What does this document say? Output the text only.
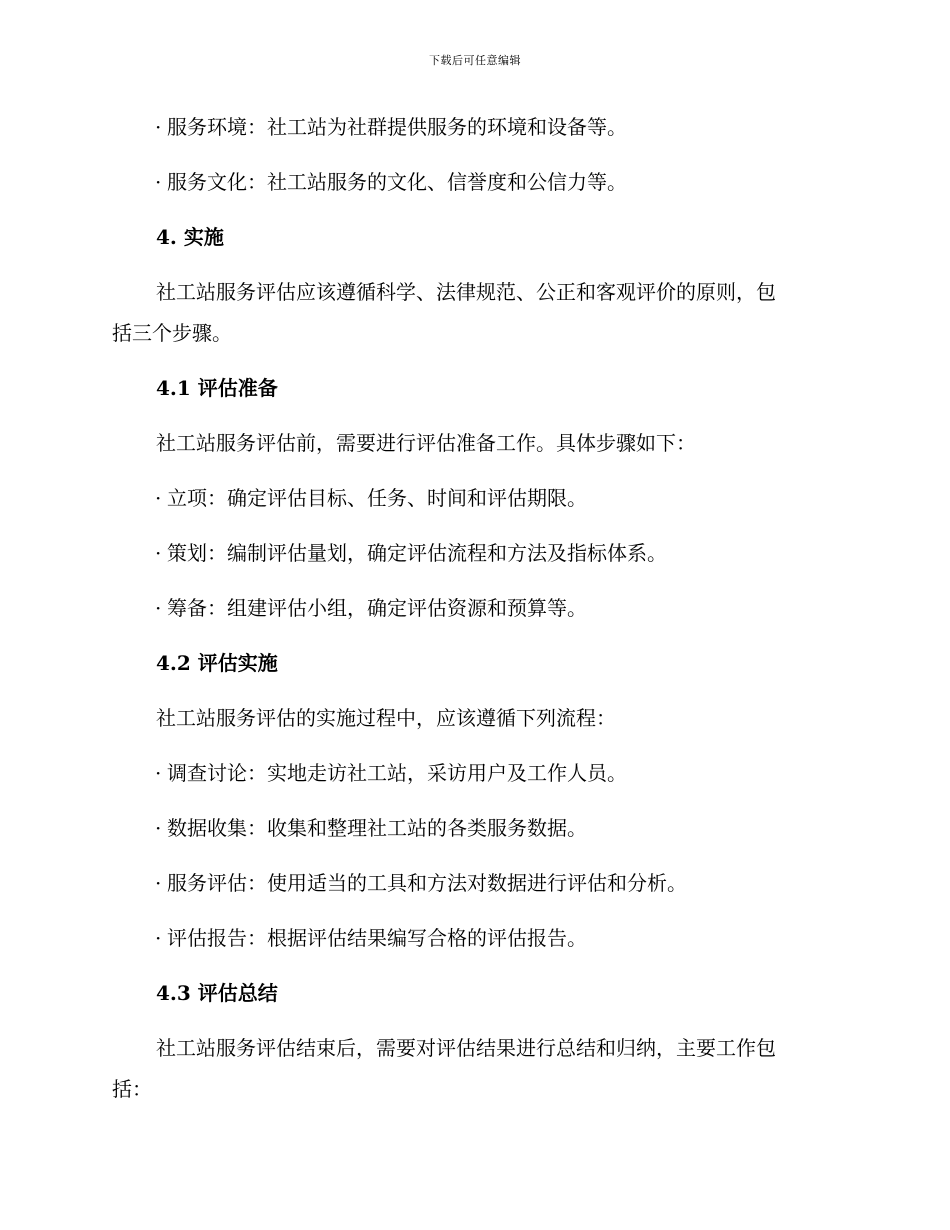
下载后可任意编辑
· 服务环境：社工站为社群提供服务的环境和设备等。
· 服务文化：社工站服务的文化、信誉度和公信力等。
4. 实施
社工站服务评估应该遵循科学、法律规范、公正和客观评价的原则，包
括三个步骤。
4.1 评估准备
社工站服务评估前，需要进行评估准备工作。具体步骤如下：
· 立项：确定评估目标、任务、时间和评估期限。
· 策划：编制评估量划，确定评估流程和方法及指标体系。
· 筹备：组建评估小组，确定评估资源和预算等。
4.2 评估实施
社工站服务评估的实施过程中，应该遵循下列流程：
· 调查讨论：实地走访社工站，采访用户及工作人员。
· 数据收集：收集和整理社工站的各类服务数据。
· 服务评估：使用适当的工具和方法对数据进行评估和分析。
· 评估报告：根据评估结果编写合格的评估报告。
4.3 评估总结
社工站服务评估结束后，需要对评估结果进行总结和归纳，主要工作包
括：
